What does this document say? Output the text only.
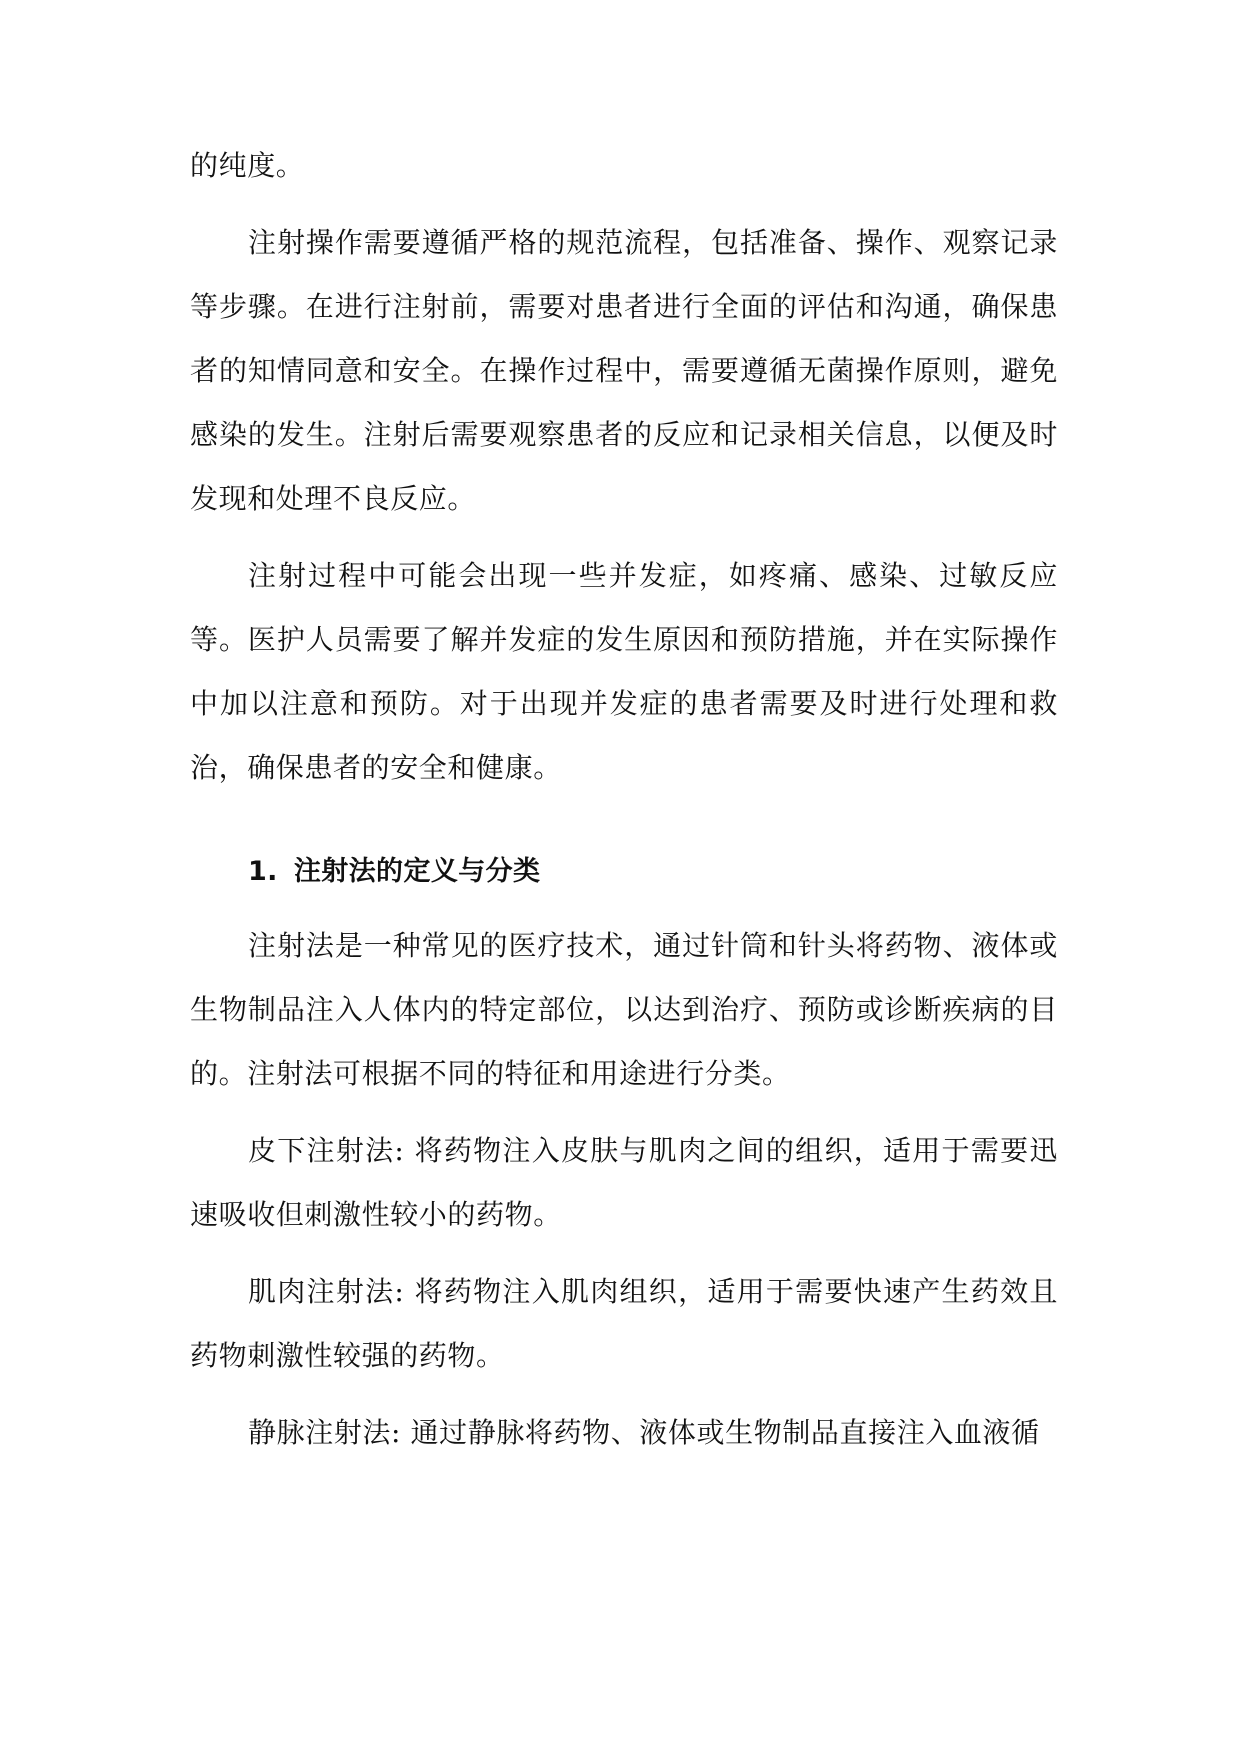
的纯度。

注射操作需要遵循严格的规范流程，包括准备、操作、观察记录等步骤。在进行注射前，需要对患者进行全面的评估和沟通，确保患者的知情同意和安全。在操作过程中，需要遵循无菌操作原则，避免感染的发生。注射后需要观察患者的反应和记录相关信息，以便及时发现和处理不良反应。

注射过程中可能会出现一些并发症，如疼痛、感染、过敏反应等。医护人员需要了解并发症的发生原因和预防措施，并在实际操作中加以注意和预防。对于出现并发症的患者需要及时进行处理和救治，确保患者的安全和健康。

1. 注射法的定义与分类

注射法是一种常见的医疗技术，通过针筒和针头将药物、液体或生物制品注入人体内的特定部位，以达到治疗、预防或诊断疾病的目的。注射法可根据不同的特征和用途进行分类。

皮下注射法: 将药物注入皮肤与肌肉之间的组织，适用于需要迅速吸收但刺激性较小的药物。

肌肉注射法: 将药物注入肌肉组织，适用于需要快速产生药效且药物刺激性较强的药物。

静脉注射法: 通过静脉将药物、液体或生物制品直接注入血液循
